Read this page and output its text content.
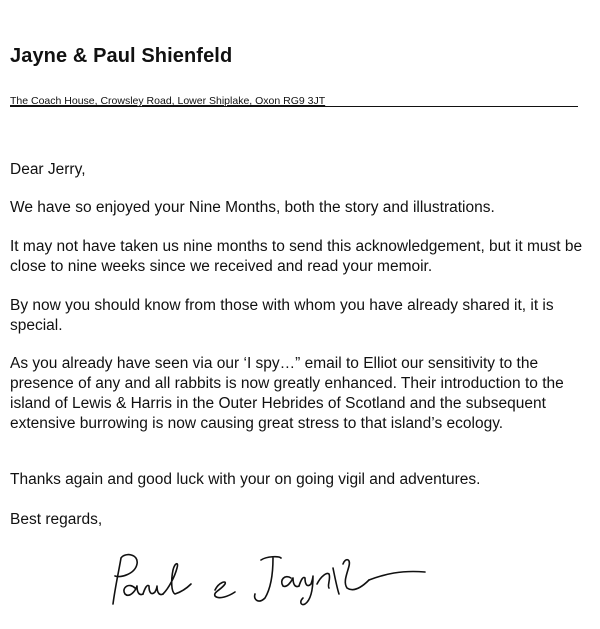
Jayne & Paul Shienfeld
The Coach House, Crowsley Road, Lower Shiplake, Oxon RG9 3JT

Dear Jerry,

We have so enjoyed your Nine Months, both the story and illustrations.

It may not have taken us nine months to send this acknowledgement, but it must be close to nine weeks since we received and read your memoir.

By now you should know from those with whom you have already shared it, it is special.

As you already have seen via our ‘I spy…” email to Elliot our sensitivity to the presence of any and all rabbits is now greatly enhanced. Their introduction to the island of Lewis & Harris in the Outer Hebrides of Scotland and the subsequent extensive burrowing is now causing great stress to that island’s ecology.

Thanks again and good luck with your on going vigil and adventures.

Best regards,
